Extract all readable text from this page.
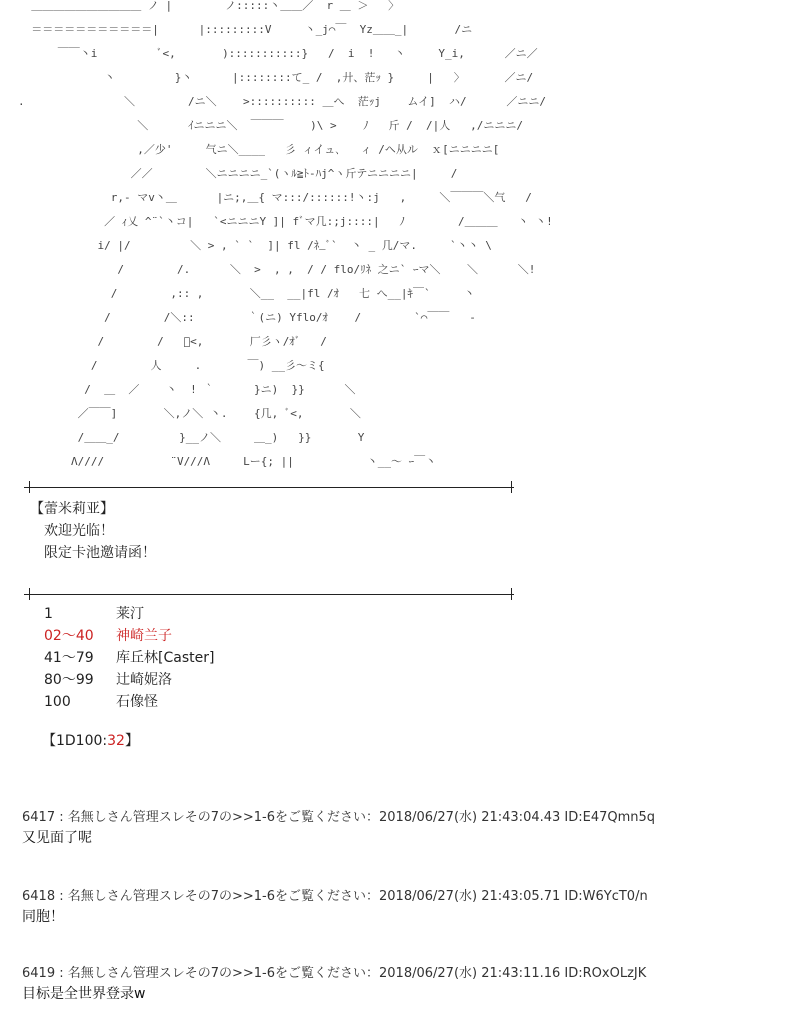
＿＿＿＿＿＿＿＿＿＿ ノ |        ノ:::::丶＿＿／  r ＿ ＞   〉
＝＝＝＝＝＝＝＝＝＝＝|      |:::::::::V     丶_j⌒￣  Yz＿＿_|       /ニ
￣￣丶i         ﾞ<,       ):::::::::::}   /  i  !   丶     Y_i,      ／ニ／
丶         }丶      |::::::::て_ /  ,廾、茫ｯ }     |   〉      ／ニ/
.               ＼        /ニ＼    >:::::::::: ＿へ  茫ｯj    ムイ]  ハ/      ／ニニ/
＼      ｲニニニ＼  ￣￣￣    )\ >    ﾉ   斤 /  /|人   ,/ニニニ/
,／少'     气ニ＼____   彡 ィイュ､   ィ /ヘ从ル  ｘ[ニニニニ[
／／        ＼ニニニニ_`(ヽﾙ≧ﾄ-ﾊj^ヽ斤テニニニニ|     /
r,- マv丶＿      |ニ;,＿{ マ:::/::::::!丶:j   ,     ＼￣￣￣＼气   /
／ ｨ乂 ^¨`丶コ|   `<ニニニY ]| fﾞマ几:;j::::|   ﾉ        /＿＿＿   丶 丶!
i/ |/         ＼ > , ` `  ]| fl /ﾈ_ﾞ`  丶 _ 几/マ.     `丶丶 \
/        /.      ＼  >  , ,  / / flo/ﾘﾈ 之ニ` ｰマ＼    ＼      ＼!
/        ,:: ,       ＼__  __|fl /ｵ   七 へ__|ｷ￣`     丶
/        /＼::        ｀(ニ) Yflo/ｵ    /        `⌒￣￣   -
/        /   ﾞ<,       厂彡ヽ/ｵﾞ   /
/        人     .       ￣) __彡～ミ{
/  ＿  ／    丶  ! ｀      }ニ)  }}      ＼
／￣￣]       ＼,ノ＼ 丶.    {几, ﾞ<,       ＼
/＿＿_/         }__ノ＼     ＿_)   }}       Y
Λ////          ¨V///Λ     Lー{; ||           丶__～ ｰ￣丶

【蕾米莉亚】
欢迎光临！
限定卡池邀请函！
1	莱汀
02～40	神崎兰子
41～79	库丘林[Caster]
80～99	辻崎妮洛
100	石像怪
【1D100:32】
6417 : 名無しさん管理スレその7の>>1-6をご覧ください：2018/06/27(水) 21:43:04.43 ID:E47Qmn5q
又见面了呢
6418 : 名無しさん管理スレその7の>>1-6をご覧ください：2018/06/27(水) 21:43:05.71 ID:W6YcT0/n
同胞！
6419 : 名無しさん管理スレその7の>>1-6をご覧ください：2018/06/27(水) 21:43:11.16 ID:ROxOLzJK
目标是全世界登录w
